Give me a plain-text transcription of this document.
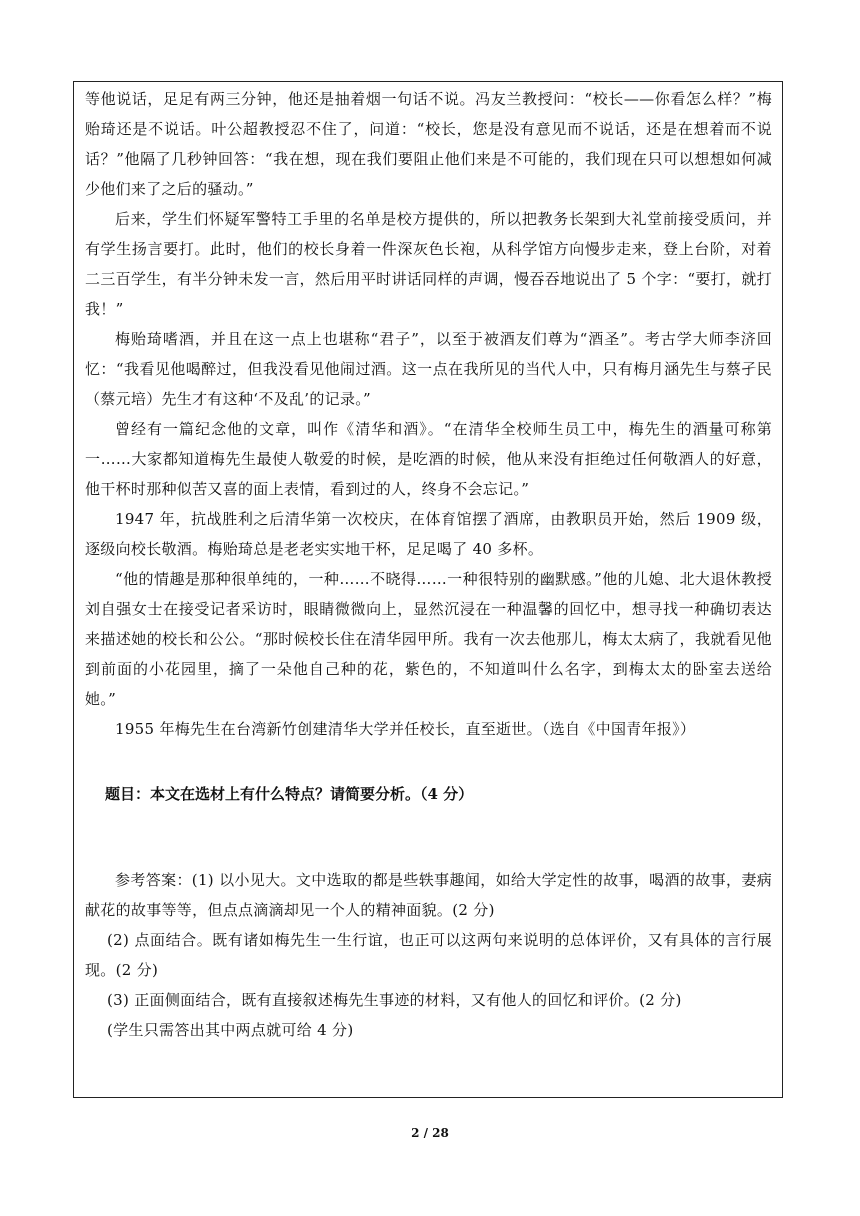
等他说话，足足有两三分钟，他还是抽着烟一句话不说。冯友兰教授问：“校长——你看怎么样？”梅贻琦还是不说话。叶公超教授忍不住了，问道：“校长，您是没有意见而不说话，还是在想着而不说话？”他隔了几秒钟回答：“我在想，现在我们要阻止他们来是不可能的，我们现在只可以想想如何减少他们来了之后的骚动。”

后来，学生们怀疑军警特工手里的名单是校方提供的，所以把教务长架到大礼堂前接受质问，并有学生扬言要打。此时，他们的校长身着一件深灰色长袍，从科学馆方向慢步走来，登上台阶，对着二三百学生，有半分钟未发一言，然后用平时讲话同样的声调，慢吞吞地说出了 5 个字：“要打，就打我！”

梅贻琦嗜酒，并且在这一点上也堪称“君子”，以至于被酒友们尊为“酒圣”。考古学大师李济回忆：“我看见他喝醉过，但我没看见他闹过酒。这一点在我所见的当代人中，只有梅月涵先生与蔡孑民（蔡元培）先生才有这种‘不及乱’的记录。”

曾经有一篇纪念他的文章，叫作《清华和酒》。“在清华全校师生员工中，梅先生的酒量可称第一……大家都知道梅先生最使人敬爱的时候，是吃酒的时候，他从来没有拒绝过任何敬酒人的好意，他干杯时那种似苦又喜的面上表情，看到过的人，终身不会忘记。”

1947 年，抗战胜利之后清华第一次校庆，在体育馆摆了酒席，由教职员开始，然后 1909 级，逐级向校长敬酒。梅贻琦总是老老实实地干杯，足足喝了 40 多杯。

“他的情趣是那种很单纯的，一种……不晓得……一种很特别的幽默感。”他的儿媳、北大退休教授刘自强女士在接受记者采访时，眼睛微微向上，显然沉浸在一种温馨的回忆中，想寻找一种确切表达来描述她的校长和公公。“那时候校长住在清华园甲所。我有一次去他那儿，梅太太病了，我就看见他到前面的小花园里，摘了一朵他自己种的花，紫色的，不知道叫什么名字，到梅太太的卧室去送给她。”

1955 年梅先生在台湾新竹创建清华大学并任校长，直至逝世。（选自《中国青年报》）

题目：本文在选材上有什么特点？请简要分析。（4 分）

参考答案：(1) 以小见大。文中选取的都是些轶事趣闻，如给大学定性的故事，喝酒的故事，妻病献花的故事等等，但点点滴滴却见一个人的精神面貌。(2 分)

(2) 点面结合。既有诸如梅先生一生行谊，也正可以这两句来说明的总体评价，又有具体的言行展现。(2 分)

(3) 正面侧面结合，既有直接叙述梅先生事迹的材料，又有他人的回忆和评价。(2 分)

(学生只需答出其中两点就可给 4 分)

2 / 28
